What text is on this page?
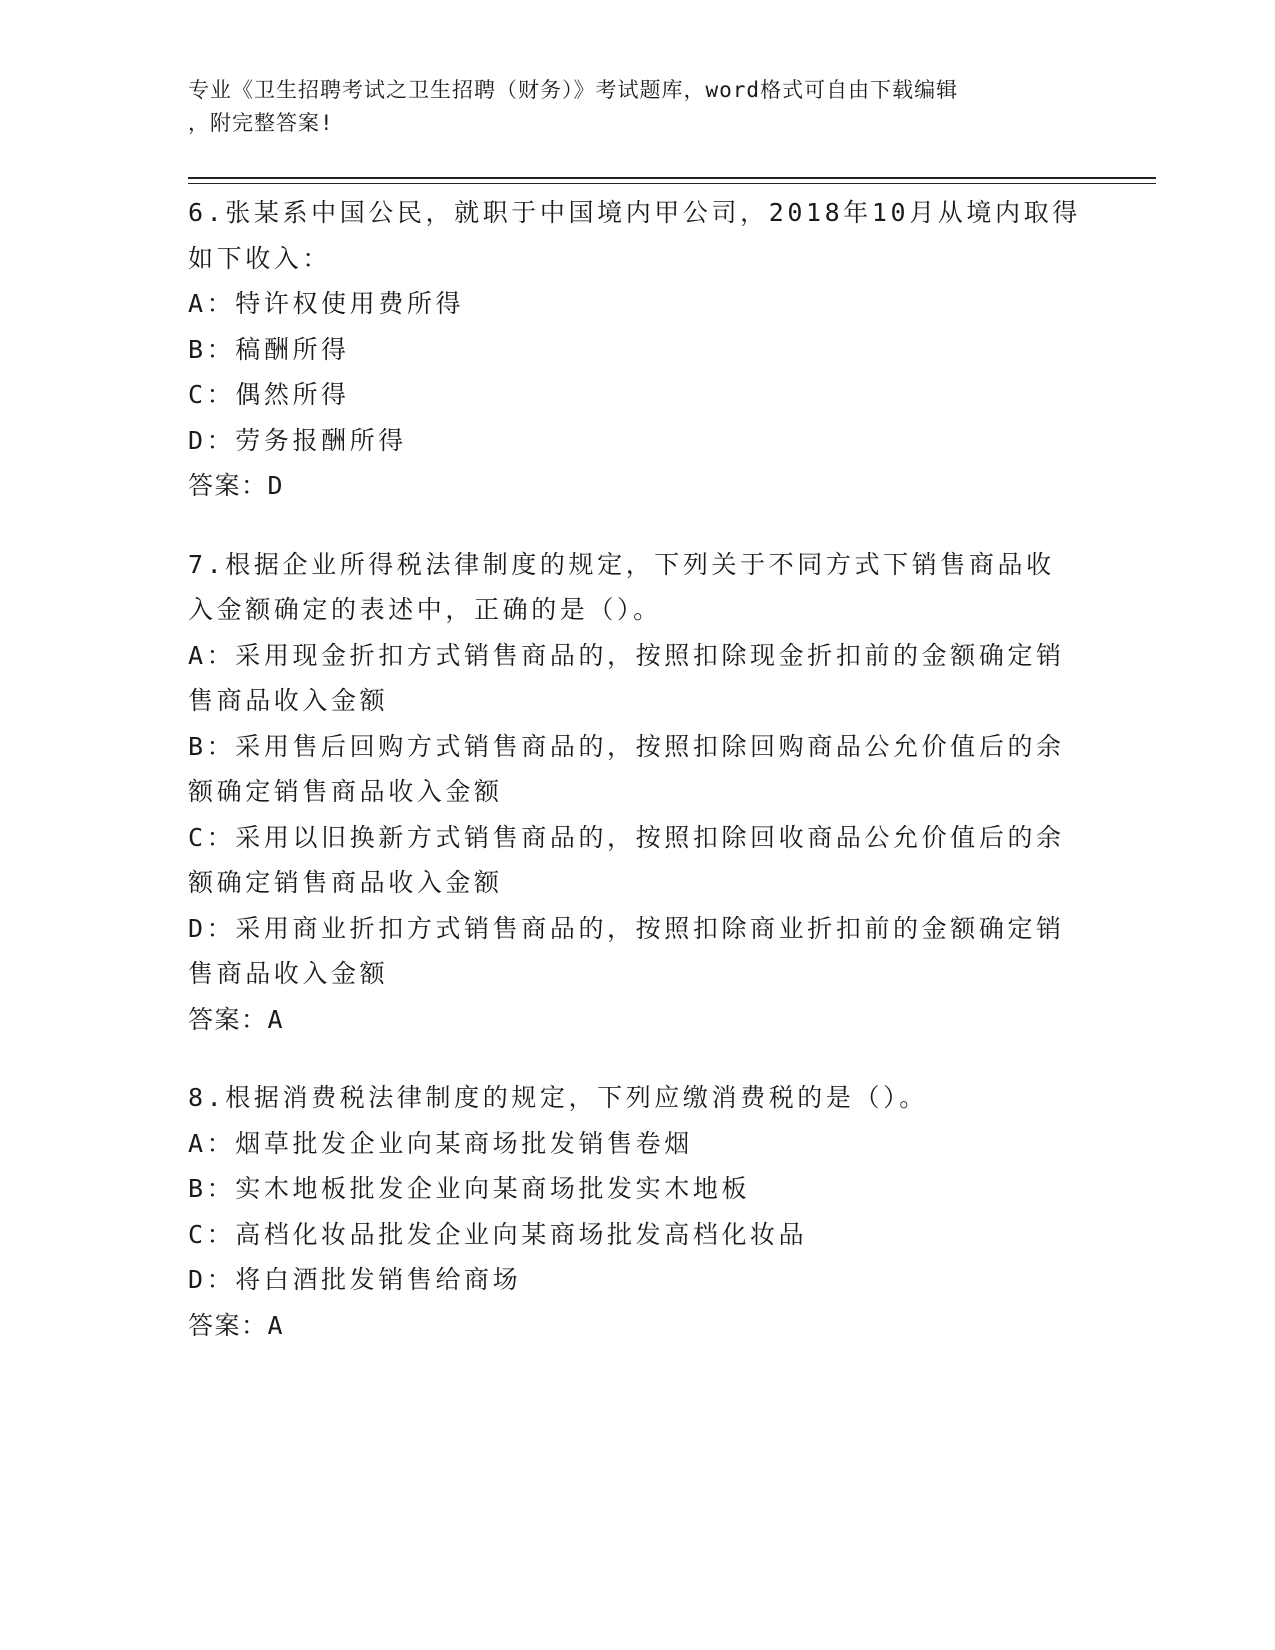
专业《卫生招聘考试之卫生招聘（财务）》考试题库，word格式可自由下载编辑

，附完整答案!

6.张某系中国公民，就职于中国境内甲公司，2018年10月从境内取得

如下收入：

A：特许权使用费所得

B：稿酬所得

C：偶然所得

D：劳务报酬所得

答案：D

7.根据企业所得税法律制度的规定，下列关于不同方式下销售商品收

入金额确定的表述中，正确的是（）。

A：采用现金折扣方式销售商品的，按照扣除现金折扣前的金额确定销

售商品收入金额

B：采用售后回购方式销售商品的，按照扣除回购商品公允价值后的余

额确定销售商品收入金额

C：采用以旧换新方式销售商品的，按照扣除回收商品公允价值后的余

额确定销售商品收入金额

D：采用商业折扣方式销售商品的，按照扣除商业折扣前的金额确定销

售商品收入金额

答案：A

8.根据消费税法律制度的规定，下列应缴消费税的是（）。

A：烟草批发企业向某商场批发销售卷烟

B：实木地板批发企业向某商场批发实木地板

C：高档化妆品批发企业向某商场批发高档化妆品

D：将白酒批发销售给商场

答案：A
